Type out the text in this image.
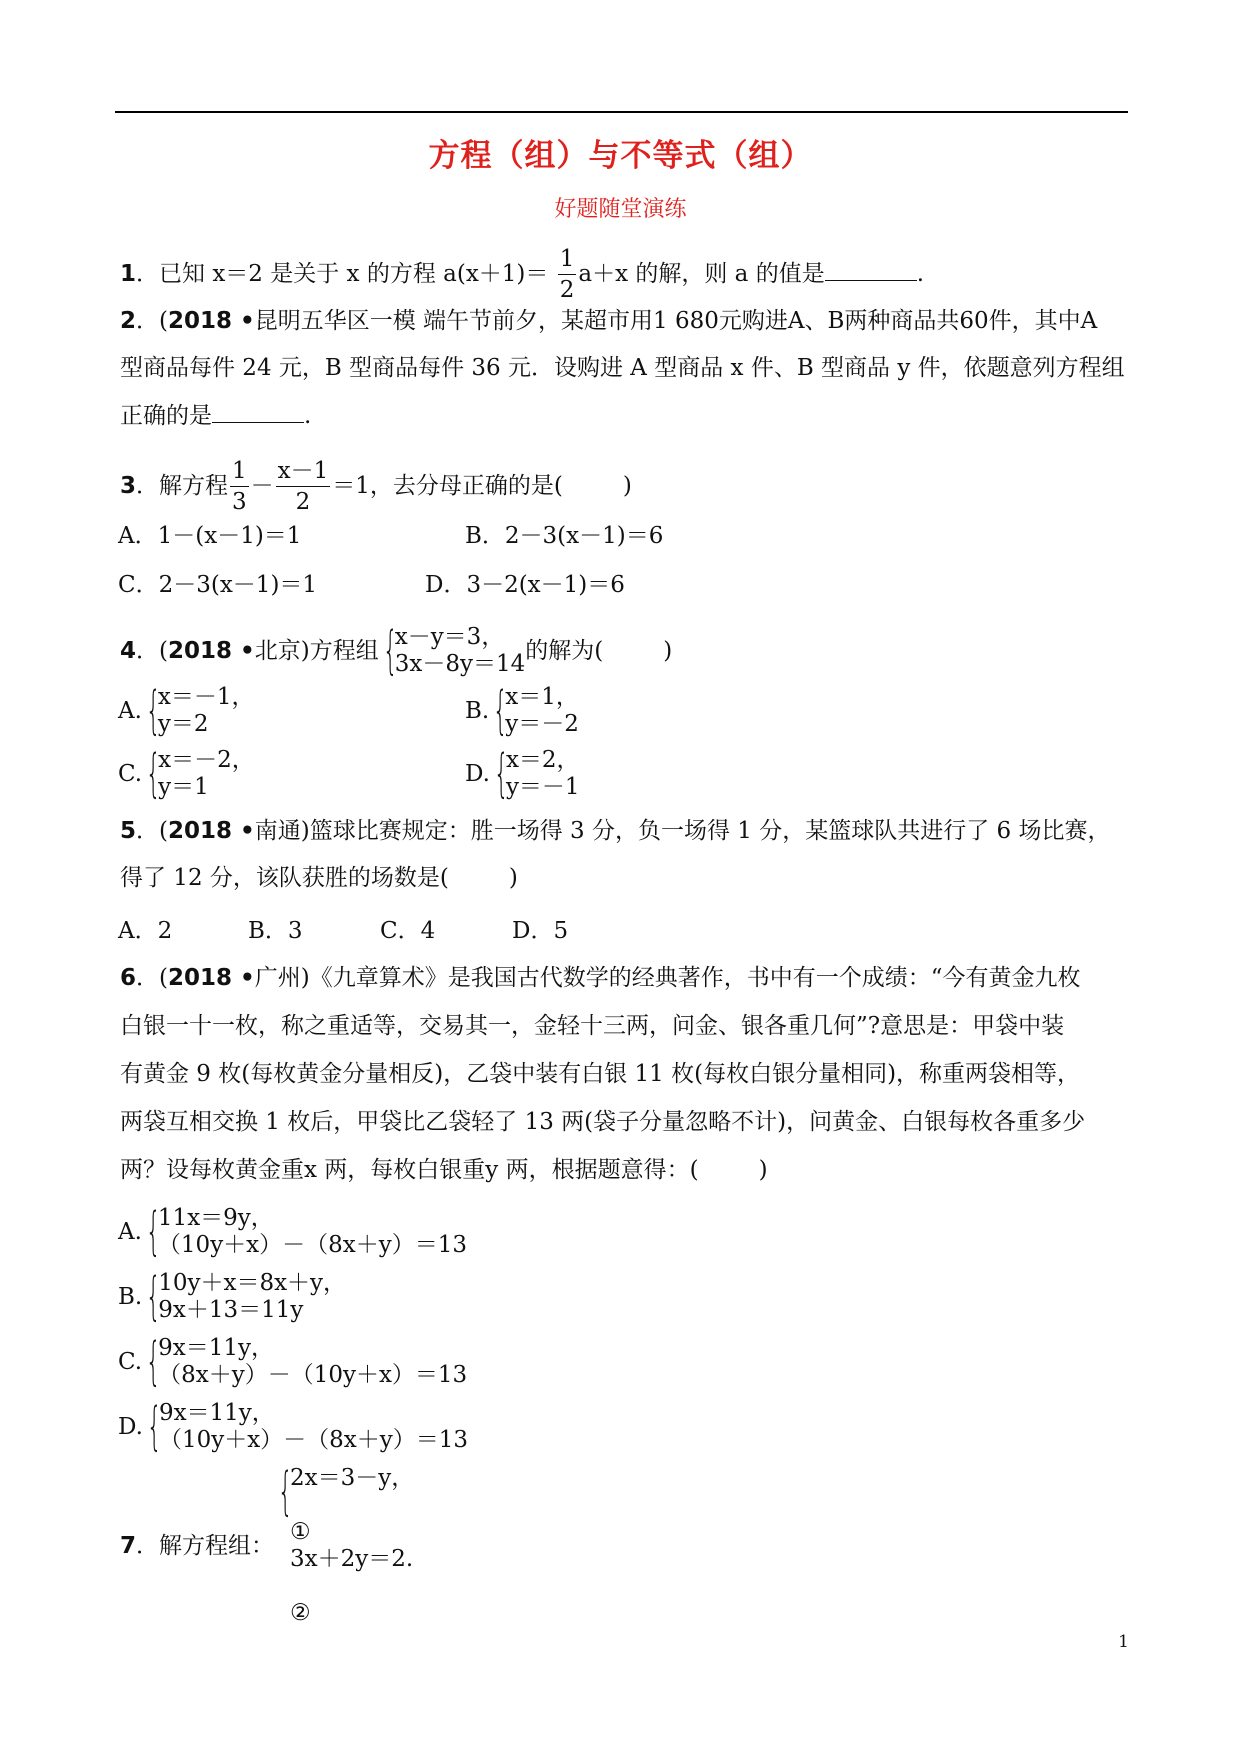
方程（组）与不等式（组）
好题随堂演练
1．已知 x＝2 是关于 x 的方程 $a(x+1)= \frac{1}{2} a+x$ 的解，则 a 的值是	.
2．(2018 •昆明五华区一模 端午节前夕，某超市用1 680元购进A、B两种商品共60件，其中A
型商品每件 24 元，B 型商品每件 36 元．设购进 A 型商品 x 件、B 型商品 y 件，依题意列方程组
正确的是	.
3．解方程 $\frac{1}{3} - \frac{x-1}{2} =1$，去分母正确的是(	)
A．1－(x－1)＝1	B．2－3(x－1)＝6
C．2－3(x－1)＝1	D．3－2(x－1)＝6
4 ．( 2018 • 北京)方程组 {
x－y＝3，
3x－8y＝14 的解为(	)
A. {
x＝－1，
y＝2	B. {
x＝1，
y＝－2
C. {
x＝－2，
y＝1	D. {
x＝2，
y＝－1
5．(2018 •南通)篮球比赛规定：胜一场得 3 分，负一场得 1 分，某篮球队共进行了 6 场比赛，
得了 12 分，该队获胜的场数是(	)
A．2	B．3	C．4	D．5
6．(2018 •广州)《九章算术》是我国古代数学的经典著作，书中有一个成绩：“今有黄金九枚
白银一十一枚，称之重适等，交易其一，金轻十三两，问金、银各重几何”?意思是：甲袋中装
有黄金 9 枚(每枚黄金分量相反)，乙袋中装有白银 11 枚(每枚白银分量相同)，称重两袋相等，
两袋互相交换 1 枚后，甲袋比乙袋轻了 13 两(袋子分量忽略不计)，问黄金、白银每枚各重多少
两？设每枚黄金重x 两，每枚白银重y 两，根据题意得：(	)
A. {
11x＝9y，
（10y＋x）－（8x＋y）＝13
B. {
10y＋x＝8x＋y，
9x＋13＝11y
C. {
9x＝11y，
（8x＋y）－（10y＋x）＝13
D. {
9x＝11y，
（10y＋x）－（8x＋y）＝13
7 ．解方程组：
{
2x＝3－y，
①
3x＋2y＝2.
②
1
